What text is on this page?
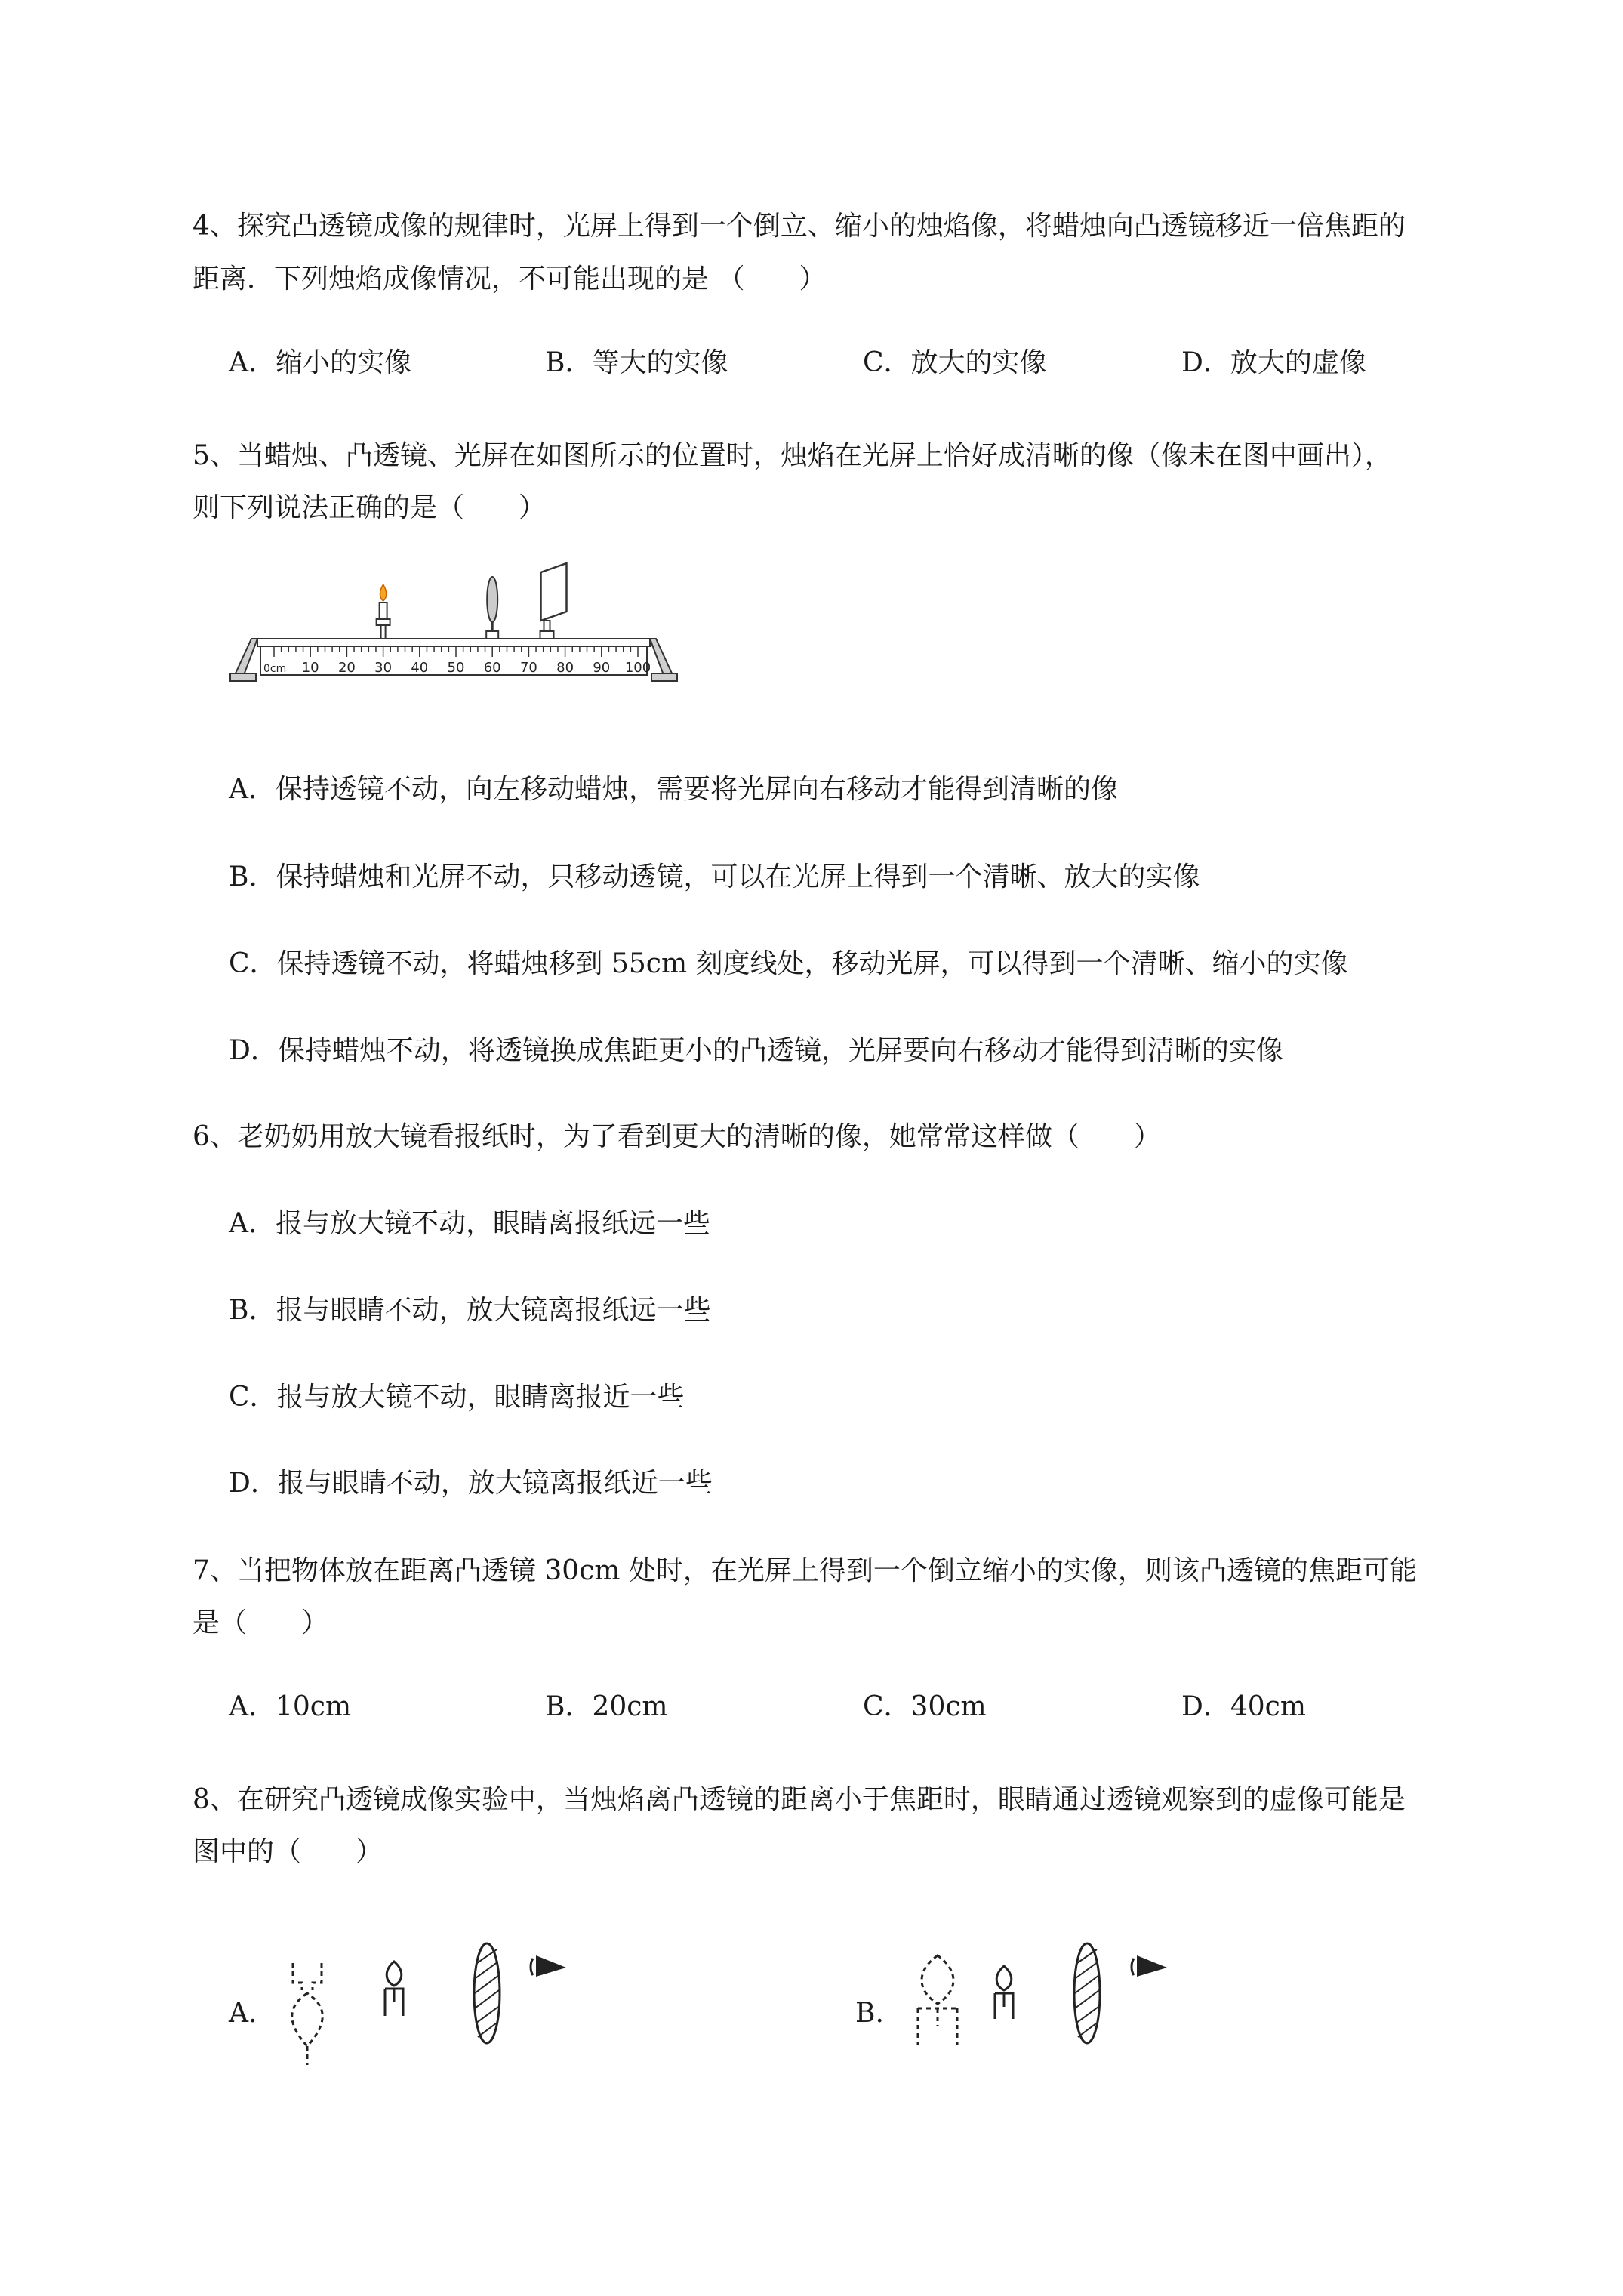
4、探究凸透镜成像的规律时，光屏上得到一个倒立、缩小的烛焰像，将蜡烛向凸透镜移近一倍焦距的
距离．下列烛焰成像情况，不可能出现的是 （　　）
A．缩小的实像	B．等大的实像	C．放大的实像	D．放大的虚像
5、当蜡烛、凸透镜、光屏在如图所示的位置时，烛焰在光屏上恰好成清晰的像（像未在图中画出），
则下列说法正确的是（　　）
10 20 30 40 50 60 70 80 90 100
0cm
A．保持透镜不动，向左移动蜡烛，需要将光屏向右移动才能得到清晰的像
B．保持蜡烛和光屏不动，只移动透镜，可以在光屏上得到一个清晰、放大的实像
C．保持透镜不动，将蜡烛移到 55cm 刻度线处，移动光屏，可以得到一个清晰、缩小的实像
D．保持蜡烛不动，将透镜换成焦距更小的凸透镜，光屏要向右移动才能得到清晰的实像
6、老奶奶用放大镜看报纸时，为了看到更大的清晰的像，她常常这样做（　　）
A．报与放大镜不动，眼睛离报纸远一些
B．报与眼睛不动，放大镜离报纸远一些
C．报与放大镜不动，眼睛离报近一些
D．报与眼睛不动，放大镜离报纸近一些
7、当把物体放在距离凸透镜 30cm 处时，在光屏上得到一个倒立缩小的实像，则该凸透镜的焦距可能
是（　　）
A．10cm	B．20cm	C．30cm	D．40cm
8、在研究凸透镜成像实验中，当烛焰离凸透镜的距离小于焦距时，眼睛通过透镜观察到的虚像可能是
图中的（　　）
A.	B.
